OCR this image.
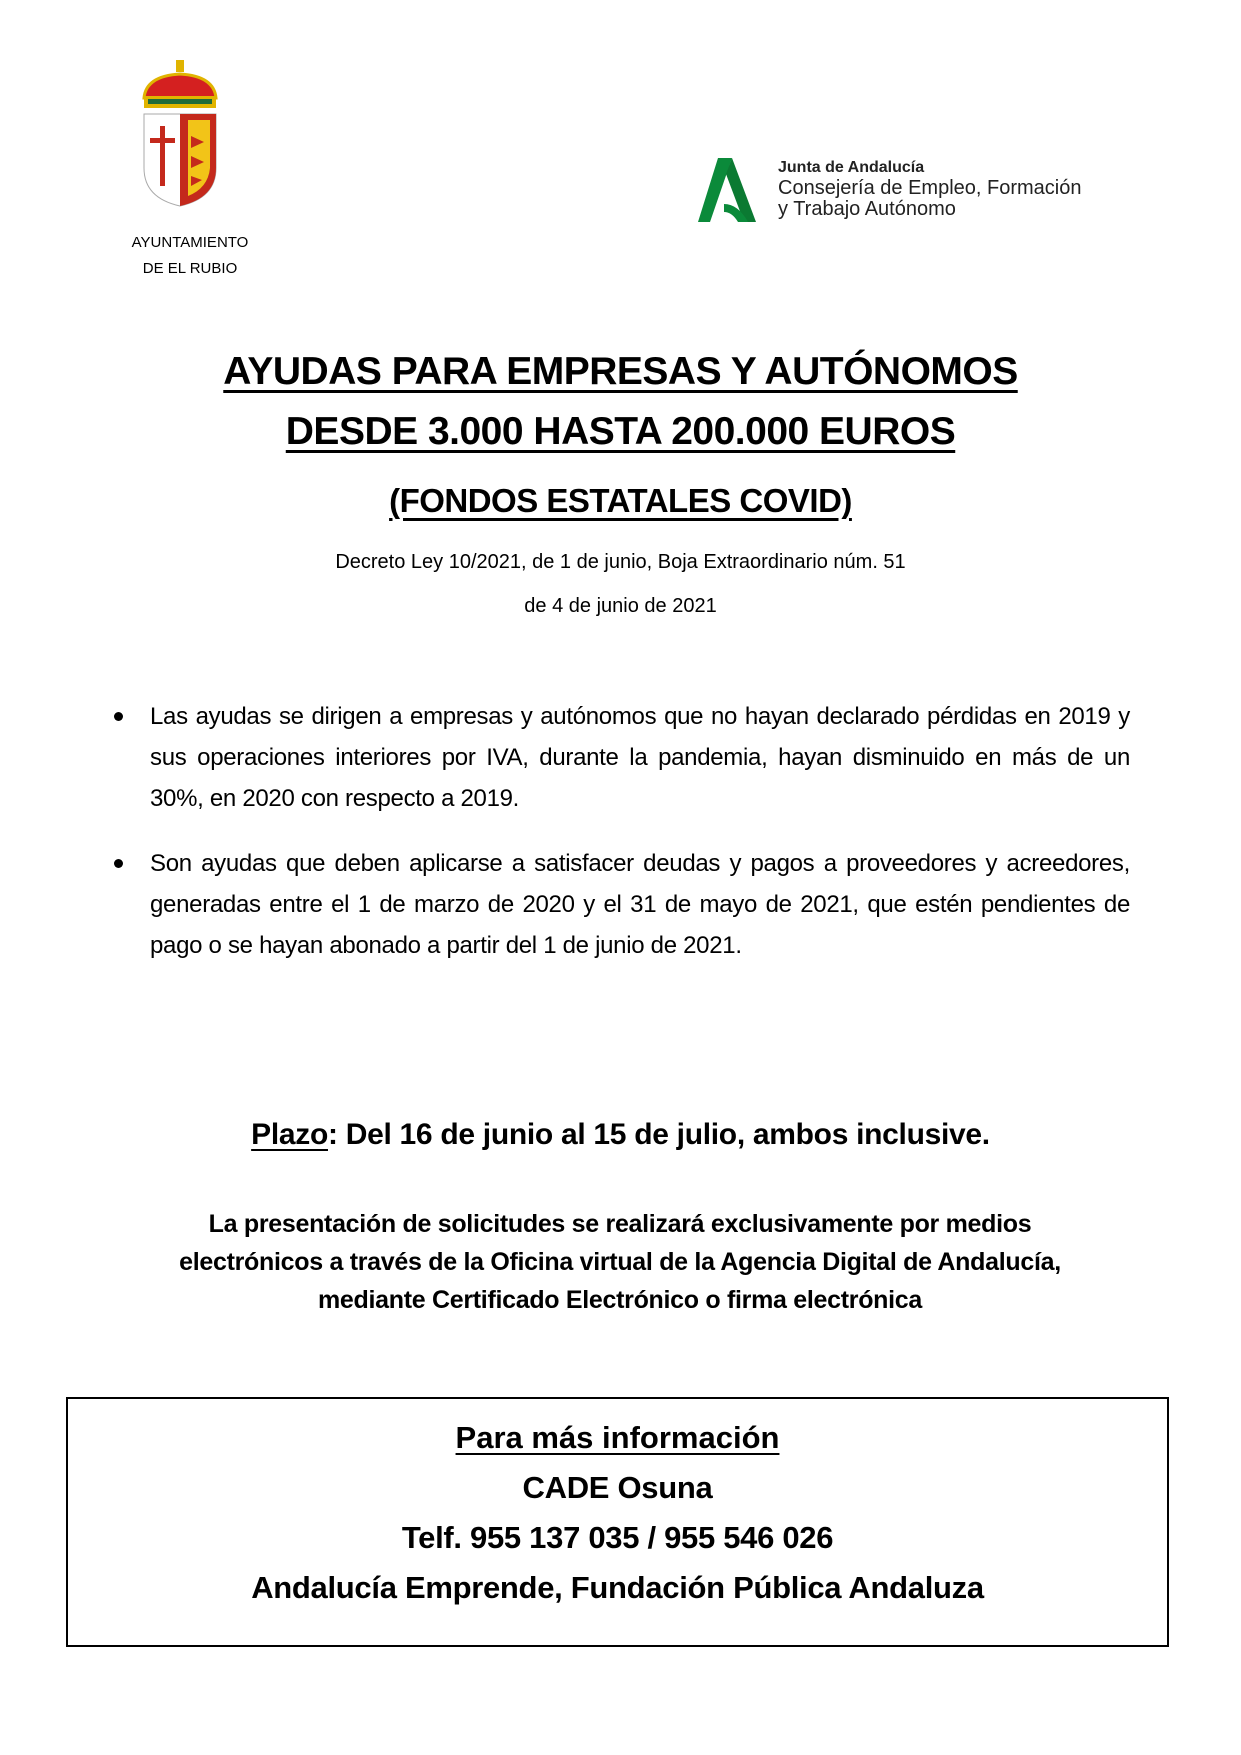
AYUNTAMIENTO
DE EL RUBIO
Junta de Andalucía
Consejería de Empleo, Formación
y Trabajo Autónomo
AYUDAS PARA EMPRESAS Y AUTÓNOMOS
DESDE 3.000 HASTA 200.000 EUROS
(FONDOS ESTATALES COVID)
Decreto Ley 10/2021, de 1 de junio, Boja Extraordinario núm. 51
de 4 de junio de 2021
Las ayudas se dirigen a empresas y autónomos que no hayan declarado pérdidas en 2019 y sus operaciones interiores por IVA, durante la pandemia, hayan disminuido en más de un 30%, en 2020 con respecto a 2019.
Son ayudas que deben aplicarse a satisfacer deudas y pagos a proveedores y acreedores, generadas entre el 1 de marzo de 2020 y el 31 de mayo de 2021, que estén pendientes de pago o se hayan abonado a partir del 1 de junio de 2021.
Plazo: Del 16 de junio al 15 de julio, ambos inclusive.
La presentación de solicitudes se realizará exclusivamente por medios electrónicos a través de la Oficina virtual de la Agencia Digital de Andalucía, mediante Certificado Electrónico o firma electrónica
Para más información
CADE Osuna
Telf. 955 137 035 / 955 546 026
Andalucía Emprende, Fundación Pública Andaluza
